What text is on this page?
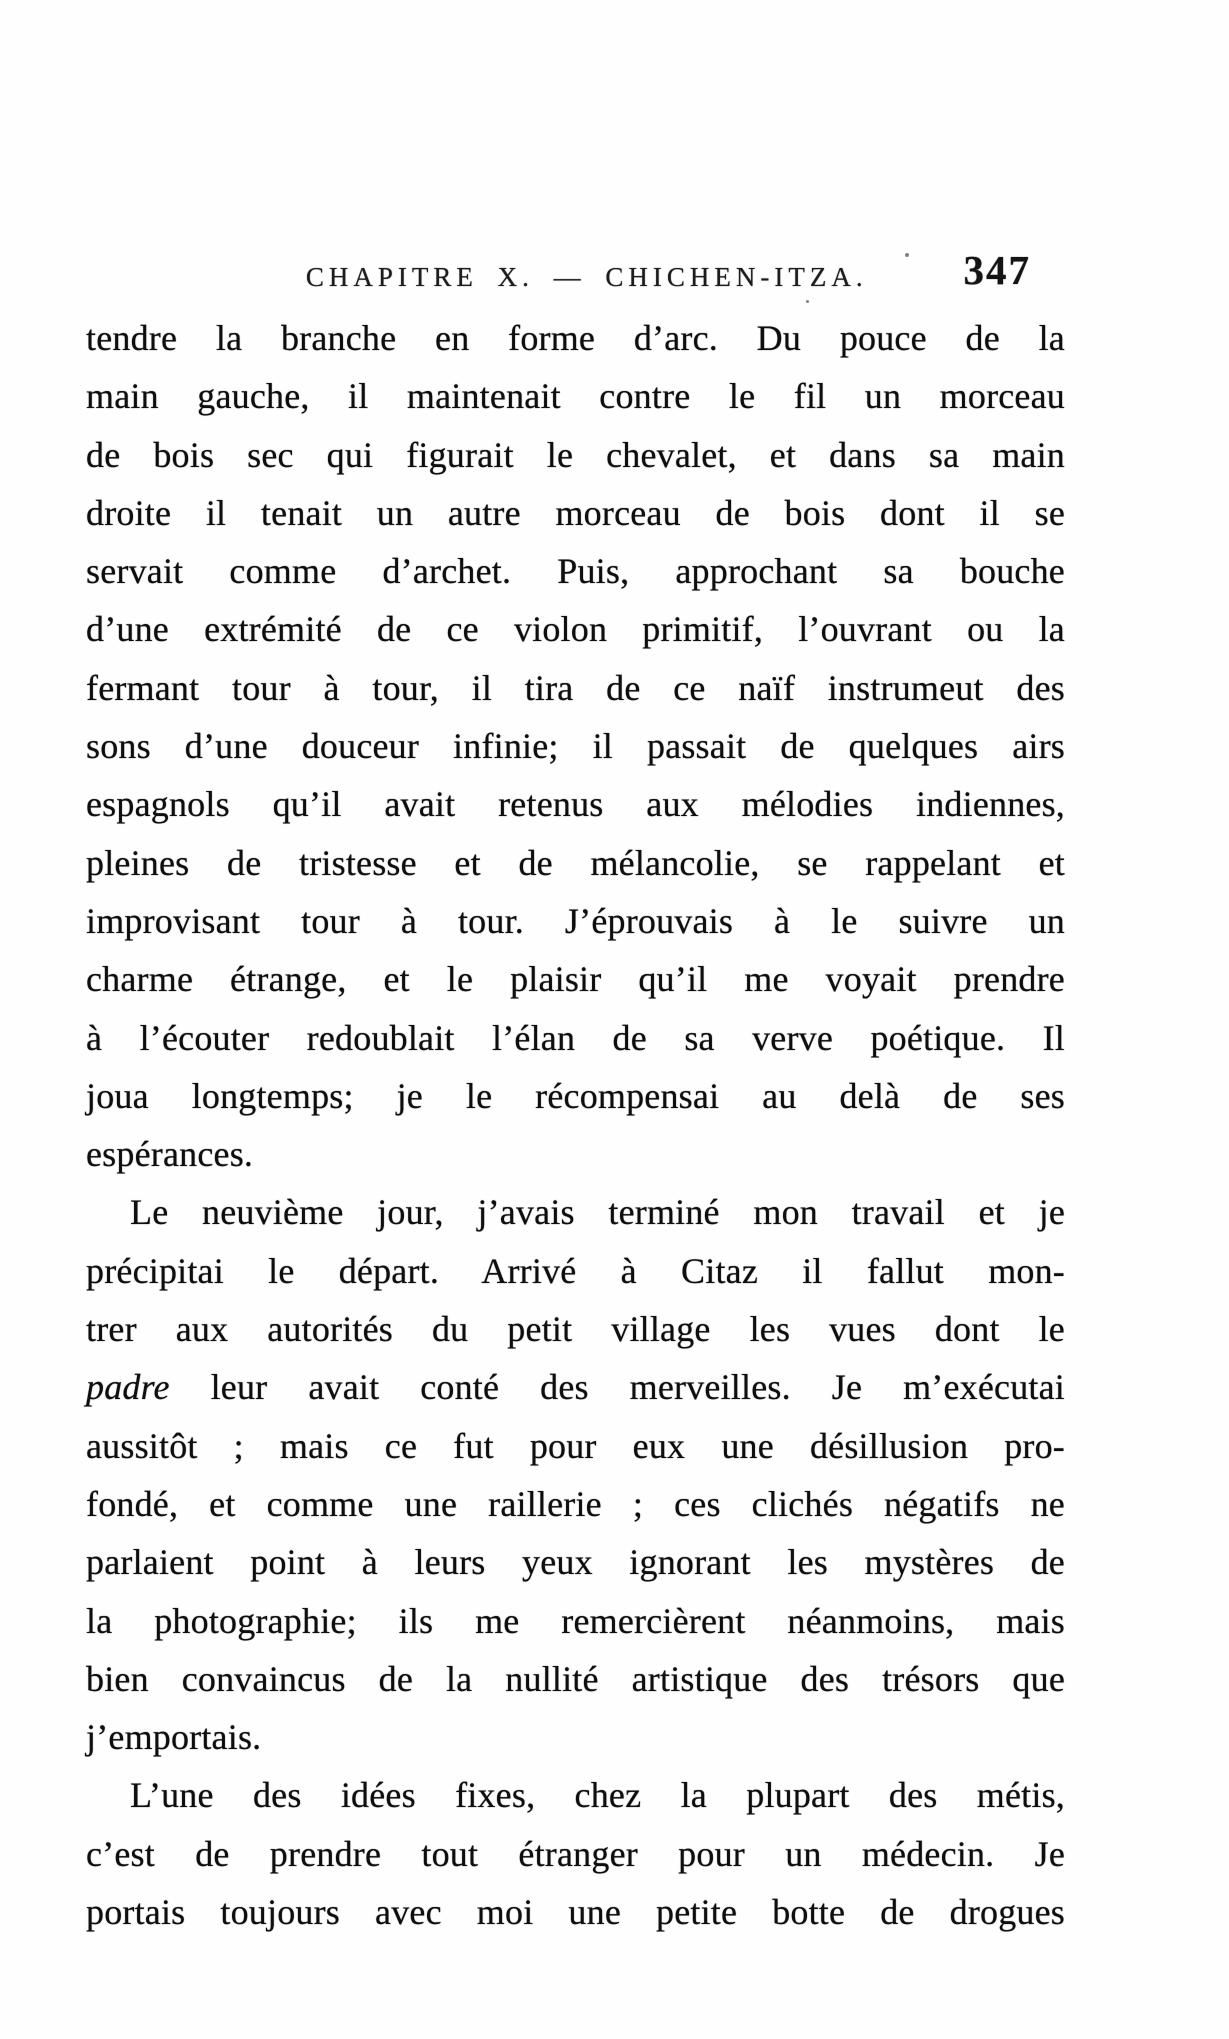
CHAPITRE X. — CHICHEN-ITZA. 347
tendre la branche en forme d’arc. Du pouce de la
main gauche, il maintenait contre le fil un morceau
de bois sec qui figurait le chevalet, et dans sa main
droite il tenait un autre morceau de bois dont il se
servait comme d’archet. Puis, approchant sa bouche
d’une extrémité de ce violon primitif, l’ouvrant ou la
fermant tour à tour, il tira de ce naïf instrumeut des
sons d’une douceur infinie; il passait de quelques airs
espagnols qu’il avait retenus aux mélodies indiennes,
pleines de tristesse et de mélancolie, se rappelant et
improvisant tour à tour. J’éprouvais à le suivre un
charme étrange, et le plaisir qu’il me voyait prendre
à l’écouter redoublait l’élan de sa verve poétique. Il
joua longtemps; je le récompensai au delà de ses
espérances.
Le neuvième jour, j’avais terminé mon travail et je
précipitai le départ. Arrivé à Citaz il fallut mon-
trer aux autorités du petit village les vues dont le
padre leur avait conté des merveilles. Je m’exécutai
aussitôt ; mais ce fut pour eux une désillusion pro-
fondé, et comme une raillerie ; ces clichés négatifs ne
parlaient point à leurs yeux ignorant les mystères de
la photographie; ils me remercièrent néanmoins, mais
bien convaincus de la nullité artistique des trésors que
j’emportais.
L’une des idées fixes, chez la plupart des métis,
c’est de prendre tout étranger pour un médecin. Je
portais toujours avec moi une petite botte de drogues
